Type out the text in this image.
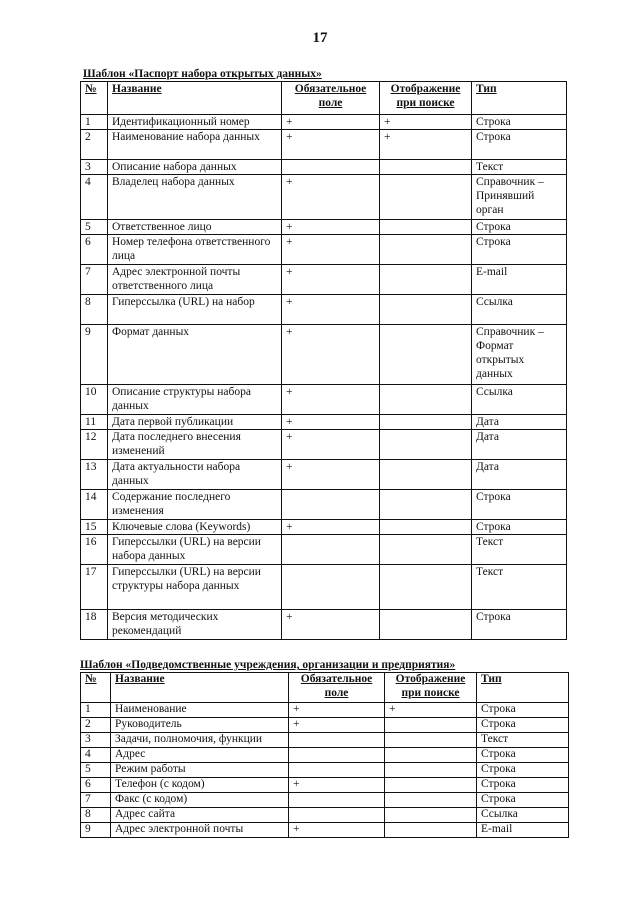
17
Шаблон «Паспорт набора открытых данных»
№	Название	Обязательное поле	Отображение при поиске	Тип
1	Идентификационный номер	+	+	Строка
2	Наименование набора данных	+	+	Строка
3	Описание набора данных			Текст
4	Владелец набора данных	+		Справочник – Принявший орган
5	Ответственное лицо	+		Строка
6	Номер телефона ответственного лица	+		Строка
7	Адрес электронной почты ответственного лица	+		E-mail
8	Гиперссылка (URL) на набор	+		Ссылка
9	Формат данных	+		Справочник – Формат открытых данных
10	Описание структуры набора данных	+		Ссылка
11	Дата первой публикации	+		Дата
12	Дата последнего внесения изменений	+		Дата
13	Дата актуальности набора данных	+		Дата
14	Содержание последнего изменения			Строка
15	Ключевые слова (Keywords)	+		Строка
16	Гиперссылки (URL) на версии набора данных			Текст
17	Гиперссылки (URL) на версии структуры набора данных			Текст
18	Версия методических рекомендаций	+		Строка
Шаблон «Подведомственные учреждения, организации и предприятия»
№	Название	Обязательное поле	Отображение при поиске	Тип
1	Наименование	+	+	Строка
2	Руководитель	+		Строка
3	Задачи, полномочия, функции			Текст
4	Адрес			Строка
5	Режим работы			Строка
6	Телефон (с кодом)	+		Строка
7	Факс (с кодом)			Строка
8	Адрес сайта			Ссылка
9	Адрес электронной почты	+		E-mail
